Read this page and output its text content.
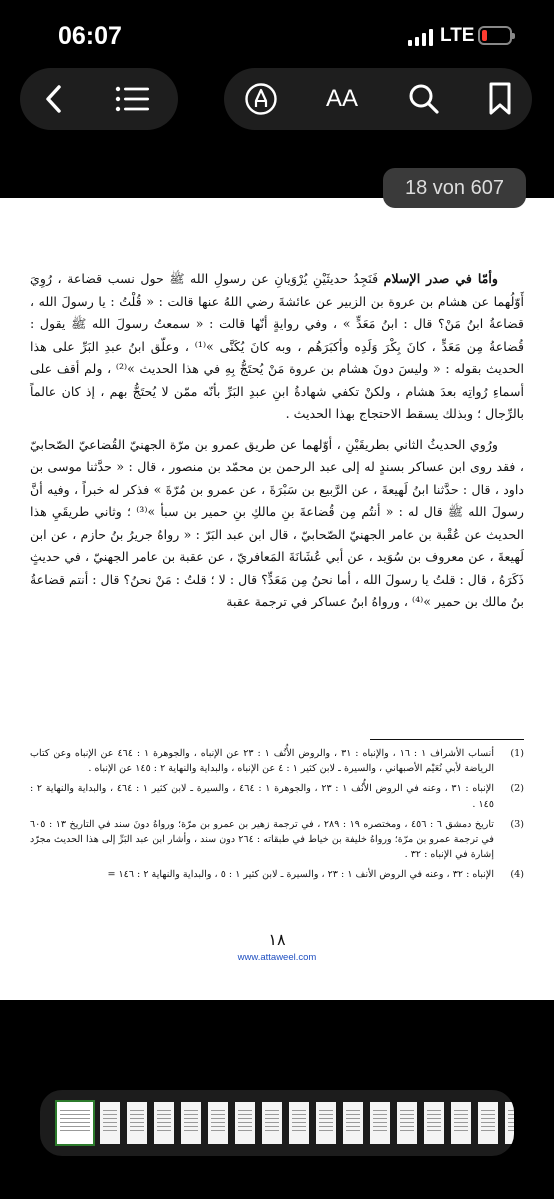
06:07	LTE
AA

وأمّا في صدر الإسلام فَنَجِدُ حديثَيْنِ يُرْوَيانِ عن رسولِ الله ﷺ حول نسب قضاعة ، رُوِيَ أَوّلُهما عن هشام بن عروة بن الزبير عن عائشةَ رضي اللهُ عنها قالت : « قُلْتُ : يا رسولَ الله ، قضاعةُ ابنُ مَنْ؟ قال : ابنُ مَعَدٍّ » ، وفي روايةٍ أنّها قالت : « سمعتُ رسولَ الله ﷺ يقول : قُضاعةُ مِن مَعَدٍّ ، كانَ بِكْرَ وَلَدِه وأكبَرَهُم ، وبه كانَ يُكَنَّى »⁽¹⁾ ، وعلّق ابنُ عبدِ البَرِّ على هذا الحديث بقوله : « وليسَ دونَ هشام بن عروة مَنْ يُحتَجُّ بِهِ في هذا الحديث »⁽²⁾ ، ولم أقف على أسماءِ رُواتِه بعدَ هشام ، ولكنْ تكفي شهادةُ ابنِ عبدِ البَرِّ بأنّه ممّن لا يُحتَجُّ بهم ، إذ كان عالماً بالرِّجال ؛ وبذلك يسقط الاحتجاج بهذا الحديث .

ورُوي الحديثُ الثاني بطريقَيْنِ ، أوّلهما عن طريق عمرو بن مرّة الجهنيّ القُضاعيّ الصّحابيّ ، فقد روى ابن عساكر بسندٍ له إلى عبد الرحمن بن محمّد بن منصور ، قال : « حدَّثنا موسى بن داود ، قال : حدَّثنا ابنُ لَهيعةَ ، عن الرَّبيع بن سَبْرَةَ ، عن عمرو بن مُرّةَ » فذكر له خبراً ، وفيه أنَّ رسولَ الله ﷺ قال له : « أنتُم مِن قُضاعةَ بنِ مالكِ بنِ حمير بن سبأ »⁽³⁾ ؛ وثاني طريقَيِ هذا الحديث عن عُقْبة بن عامر الجهنيّ الصّحابيّ ، قال ابن عبد البَرّ : « رواهُ جريرُ بنُ حازم ، عن ابن لَهيعةَ ، عن معروف بن سُوَيد ، عن أبي عُشَانَةَ المَعافريّ ، عن عقبة بن عامر الجهنيّ ، في حديثٍ ذَكَرَهُ ، قال : قلتُ يا رسولَ الله ، أما نحنُ مِن مَعَدٍّ؟ قال : لا ؛ قلتُ : مَنْ نحنُ؟ قال : أنتم قضاعةُ بنُ مالك بن حمير »⁽⁴⁾ ، ورواهُ ابنُ عساكر في ترجمة عقبة

(1)
أنساب الأشراف ١ : ١٦ ، والإنباه : ٣١ ، والروض الأُنُف ١ : ٢٣ عن الإنباه ، والجوهرة ١ : ٤٦٤ عن الإنباه وعن كتاب الرياضة لأبي نُعَيْم الأصبهاني ، والسيرة ـ لابن كثير ١ : ٤ عن الإنباه ، والبداية والنهاية ٢ : ١٤٥ عن الإنباه .
(2)
الإنباه : ٣١ ، وعنه في الروض الأُنُف ١ : ٢٣ ، والجوهرة ١ : ٤٦٤ ، والسيرة ـ لابن كثير ١ : ٤٦٤ ، والبداية والنهاية ٢ : ١٤٥ .
(3)
تاريخ دمشق ٦ : ٤٥٦ ، ومختصره ١٩ : ٢٨٩ ، في ترجمة زهير بن عمرو بن مرّة؛ ورواهُ دونَ سند في التاريخ ١٣ : ٦٠٥ في ترجمة عمرو بن مرّة؛ ورواهُ خليفة بن خياط في طبقاته : ٢٦٤ دون سند ، وأشار ابن عبد البَرِّ إلى هذا الحديث مجرّد إشارة في الإنباه : ٣٢ .
(4)
الإنباه : ٣٢ ، وعنه في الروض الأنف ١ : ٢٣ ، والسيرة ـ لابن كثير ١ : ٥ ، والبداية والنهاية ٢ : ١٤٦ =
١٨
www.attaweel.com
18 von 607
